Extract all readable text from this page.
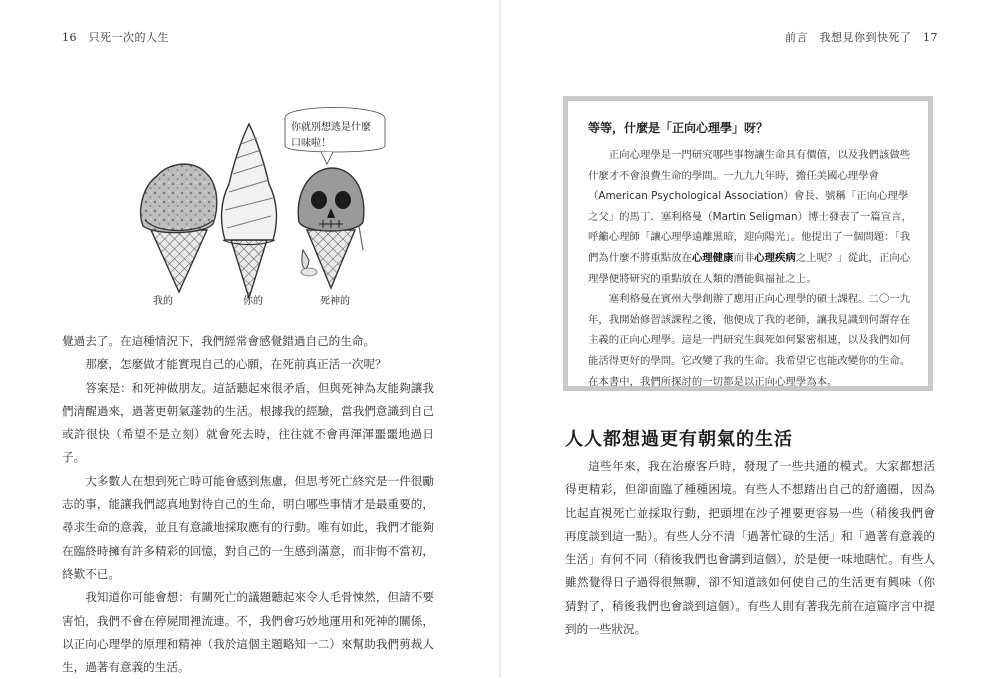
16　只死一次的人生	前言　我想見你到快死了　17
你就別想逃是什麼
口味啦！
我的	你的	死神的

覺過去了。在這種情況下，我們經常會感覺錯過自己的生命。

那麼，怎麼做才能實現自己的心願，在死前真正活一次呢？

答案是：和死神做朋友。這話聽起來很矛盾，但與死神為友能夠讓我們清醒過來，過著更朝氣蓬勃的生活。根據我的經驗，當我們意識到自己或許很快（希望不是立刻）就會死去時，往往就不會再渾渾噩噩地過日子。

大多數人在想到死亡時可能會感到焦慮，但思考死亡終究是一件很勵志的事，能讓我們認真地對待自己的生命，明白哪些事情才是最重要的，尋求生命的意義，並且有意識地採取應有的行動。唯有如此，我們才能夠在臨終時擁有許多精彩的回憶，對自己的一生感到滿意，而非悔不當初，終歎不已。

我知道你可能會想：有關死亡的議題聽起來令人毛骨悚然，但請不要害怕，我們不會在停屍間裡流連。不，我們會巧妙地運用和死神的關係，以正向心理學的原理和精神（我於這個主題略知一二）來幫助我們剪裁人生，過著有意義的生活。

等等，什麼是「正向心理學」呀？

正向心理學是一門研究哪些事物讓生命具有價值，以及我們該做些什麼才不會浪費生命的學問。一九九九年時，擔任美國心理學會（American Psychological Association）會長、號稱「正向心理學之父」的馬丁．塞利格曼（Martin Seligman）博士發表了一篇宣言，呼籲心理師「讓心理學遠離黑暗，迎向陽光」。他提出了一個問題：「我們為什麼不將重點放在心理健康而非心理疾病之上呢？」從此，正向心理學便將研究的重點放在人類的潛能與福祉之上。

塞利格曼在賓州大學創辦了應用正向心理學的碩士課程。二〇一九年，我開始修習該課程之後，他便成了我的老師，讓我見識到何謂存在主義的正向心理學。這是一門研究生與死如何緊密相連，以及我們如何能活得更好的學問。它改變了我的生命。我希望它也能改變你的生命。在本書中，我們所探討的一切都是以正向心理學為本。

人人都想過更有朝氣的生活

這些年來，我在治療客戶時，發現了一些共通的模式。大家都想活得更精彩，但卻面臨了種種困境。有些人不想踏出自己的舒適圈，因為比起直視死亡並採取行動，把頭埋在沙子裡要更容易一些（稍後我們會再度談到這一點）。有些人分不清「過著忙碌的生活」和「過著有意義的生活」有何不同（稍後我們也會講到這個），於是便一味地瞎忙。有些人雖然覺得日子過得很無聊，卻不知道該如何使自己的生活更有興味（你猜對了，稍後我們也會談到這個）。有些人則有著我先前在這篇序言中提到的一些狀況。
